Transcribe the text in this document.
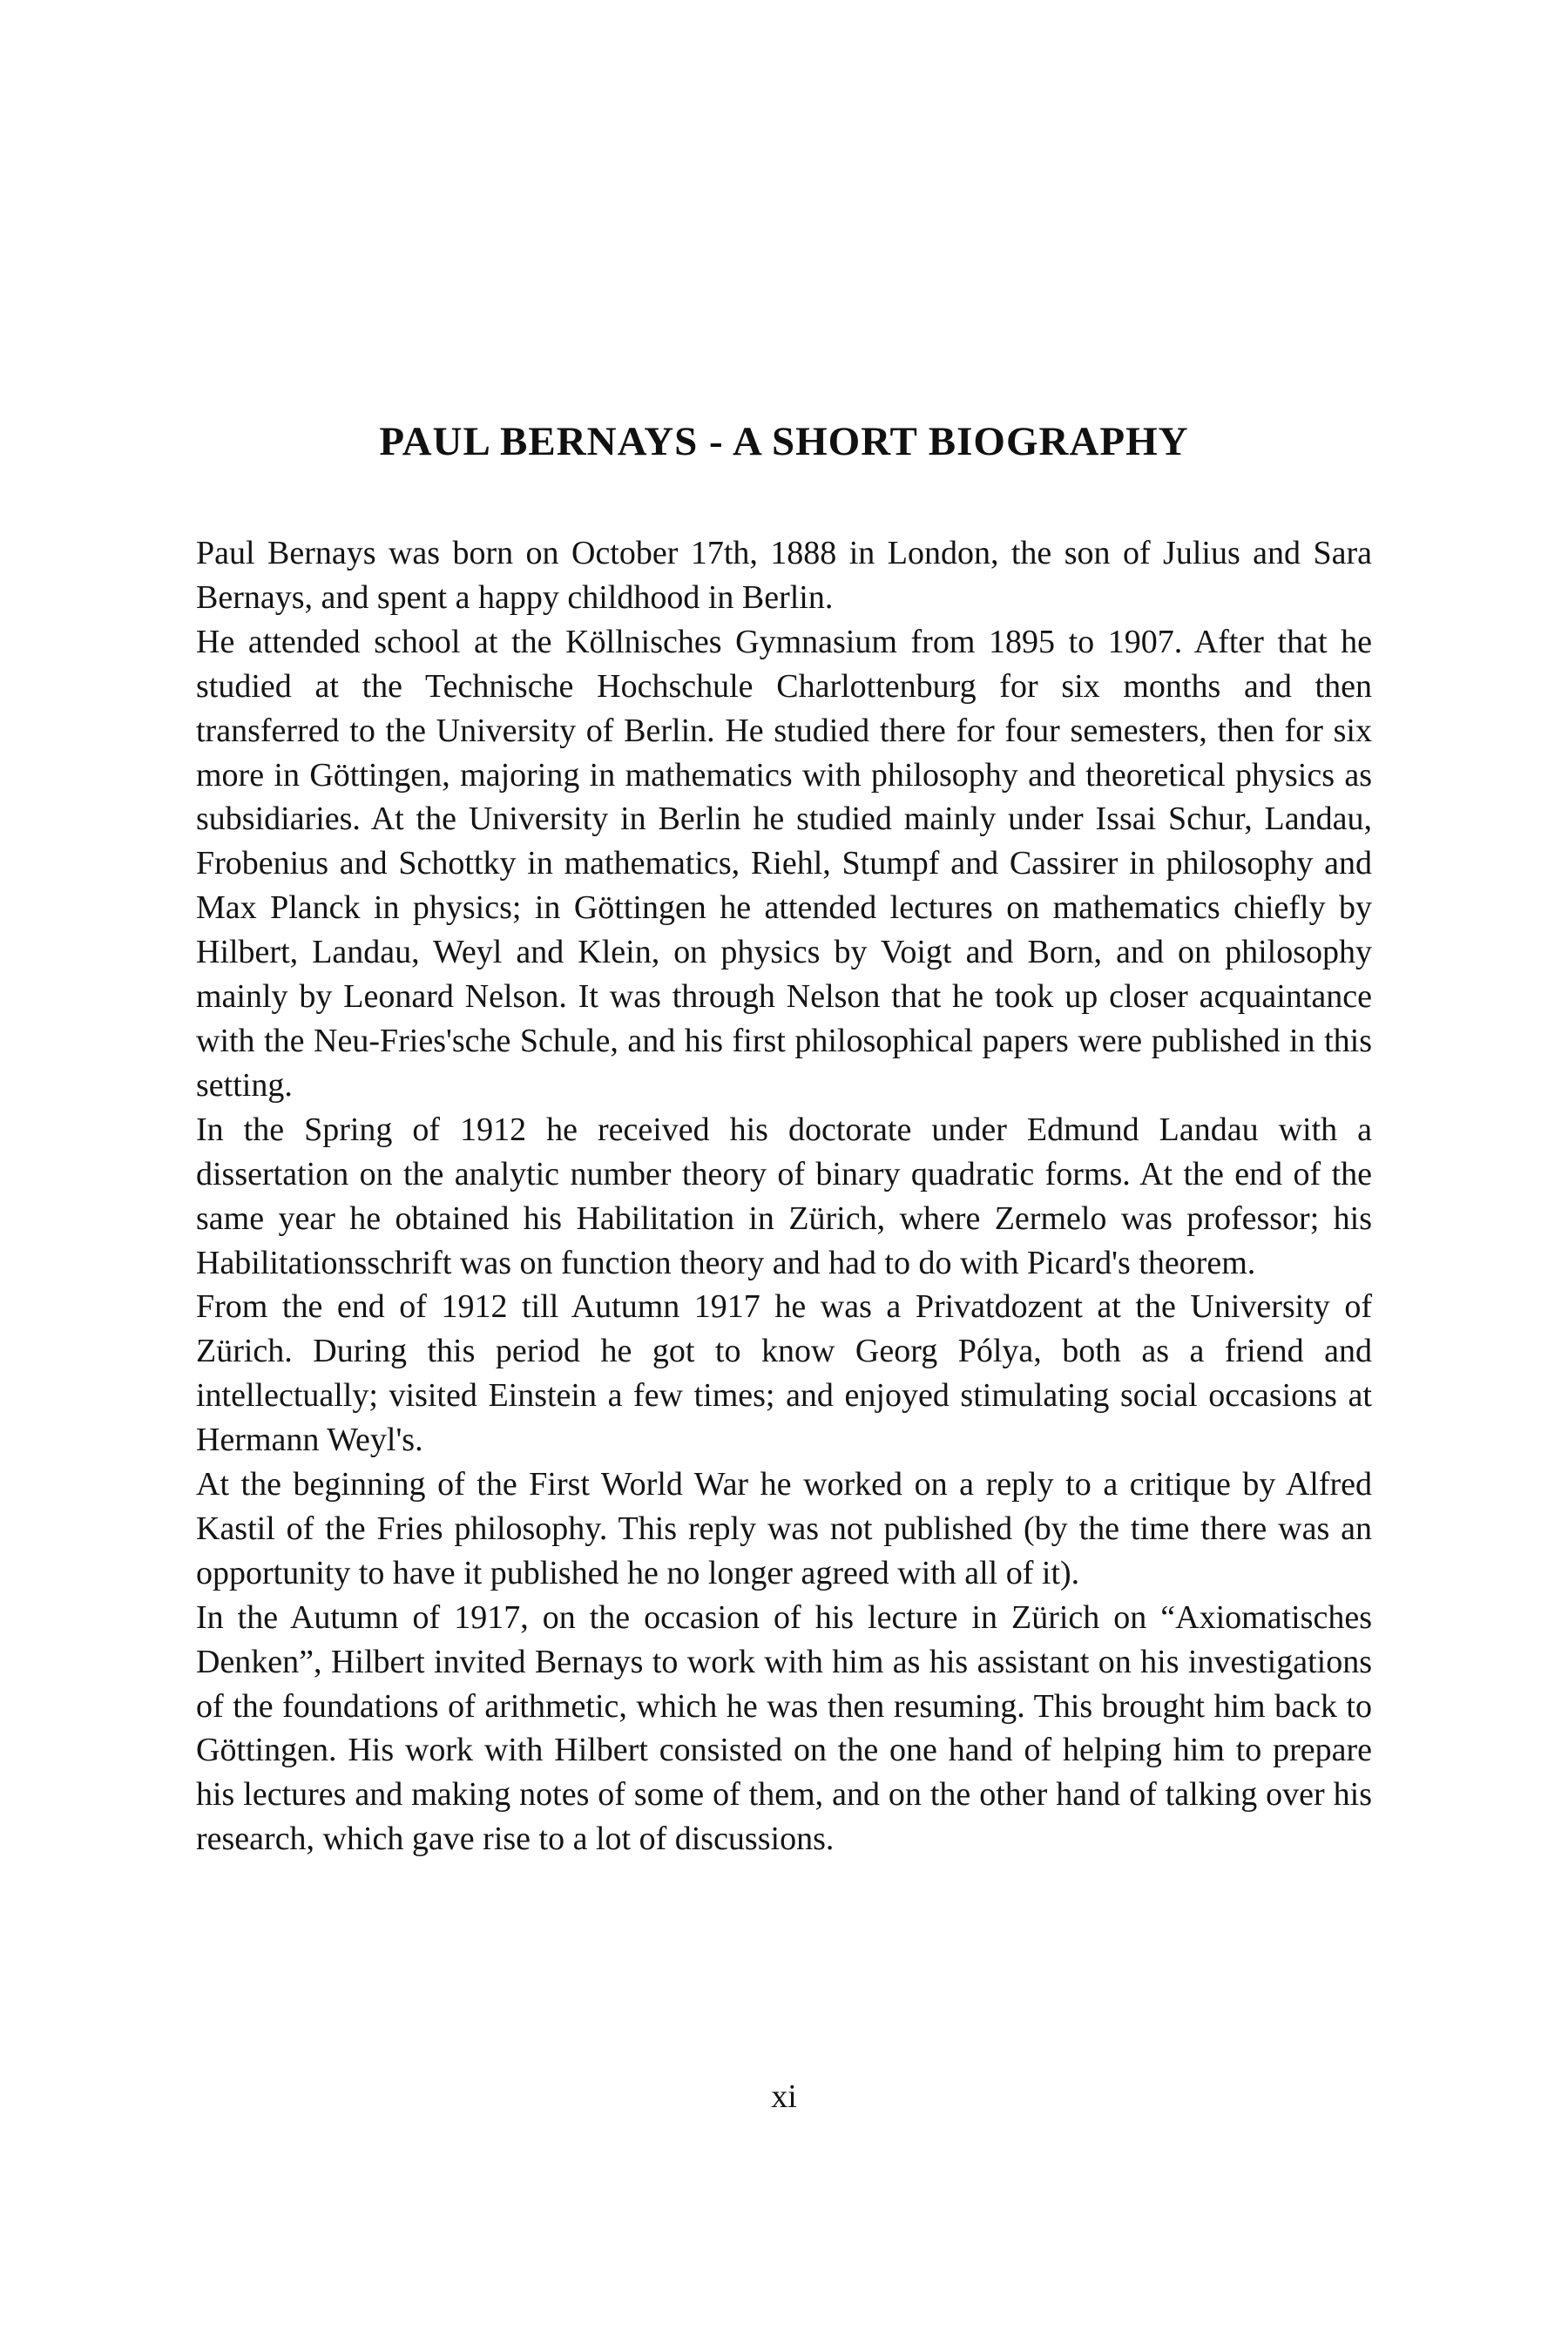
PAUL BERNAYS - A SHORT BIOGRAPHY

Paul Bernays was born on October 17th, 1888 in London, the son of Julius and Sara Bernays, and spent a happy childhood in Berlin.

He attended school at the Köllnisches Gymnasium from 1895 to 1907. After that he studied at the Technische Hochschule Charlottenburg for six months and then transferred to the University of Berlin. He studied there for four semesters, then for six more in Göttingen, majoring in mathematics with philosophy and theoretical physics as subsidiaries. At the University in Berlin he studied mainly under Issai Schur, Landau, Frobenius and Schottky in mathematics, Riehl, Stumpf and Cassirer in philosophy and Max Planck in physics; in Göttingen he attended lectures on mathematics chiefly by Hilbert, Landau, Weyl and Klein, on physics by Voigt and Born, and on philosophy mainly by Leonard Nelson. It was through Nelson that he took up closer acquaintance with the Neu-Fries'sche Schule, and his first philosophical papers were published in this setting.

In the Spring of 1912 he received his doctorate under Edmund Landau with a dissertation on the analytic number theory of binary quadratic forms. At the end of the same year he obtained his Habilitation in Zürich, where Zermelo was professor; his Habilitationsschrift was on function theory and had to do with Picard's theorem.

From the end of 1912 till Autumn 1917 he was a Privatdozent at the University of Zürich. During this period he got to know Georg Pólya, both as a friend and intellectually; visited Einstein a few times; and enjoyed stimulating social occasions at Hermann Weyl's.

At the beginning of the First World War he worked on a reply to a critique by Alfred Kastil of the Fries philosophy. This reply was not published (by the time there was an opportunity to have it published he no longer agreed with all of it).

In the Autumn of 1917, on the occasion of his lecture in Zürich on “Axiomatisches Denken”, Hilbert invited Bernays to work with him as his assistant on his investigations of the foundations of arithmetic, which he was then resuming. This brought him back to Göttingen. His work with Hilbert consisted on the one hand of helping him to prepare his lectures and making notes of some of them, and on the other hand of talking over his research, which gave rise to a lot of discussions.

xi
